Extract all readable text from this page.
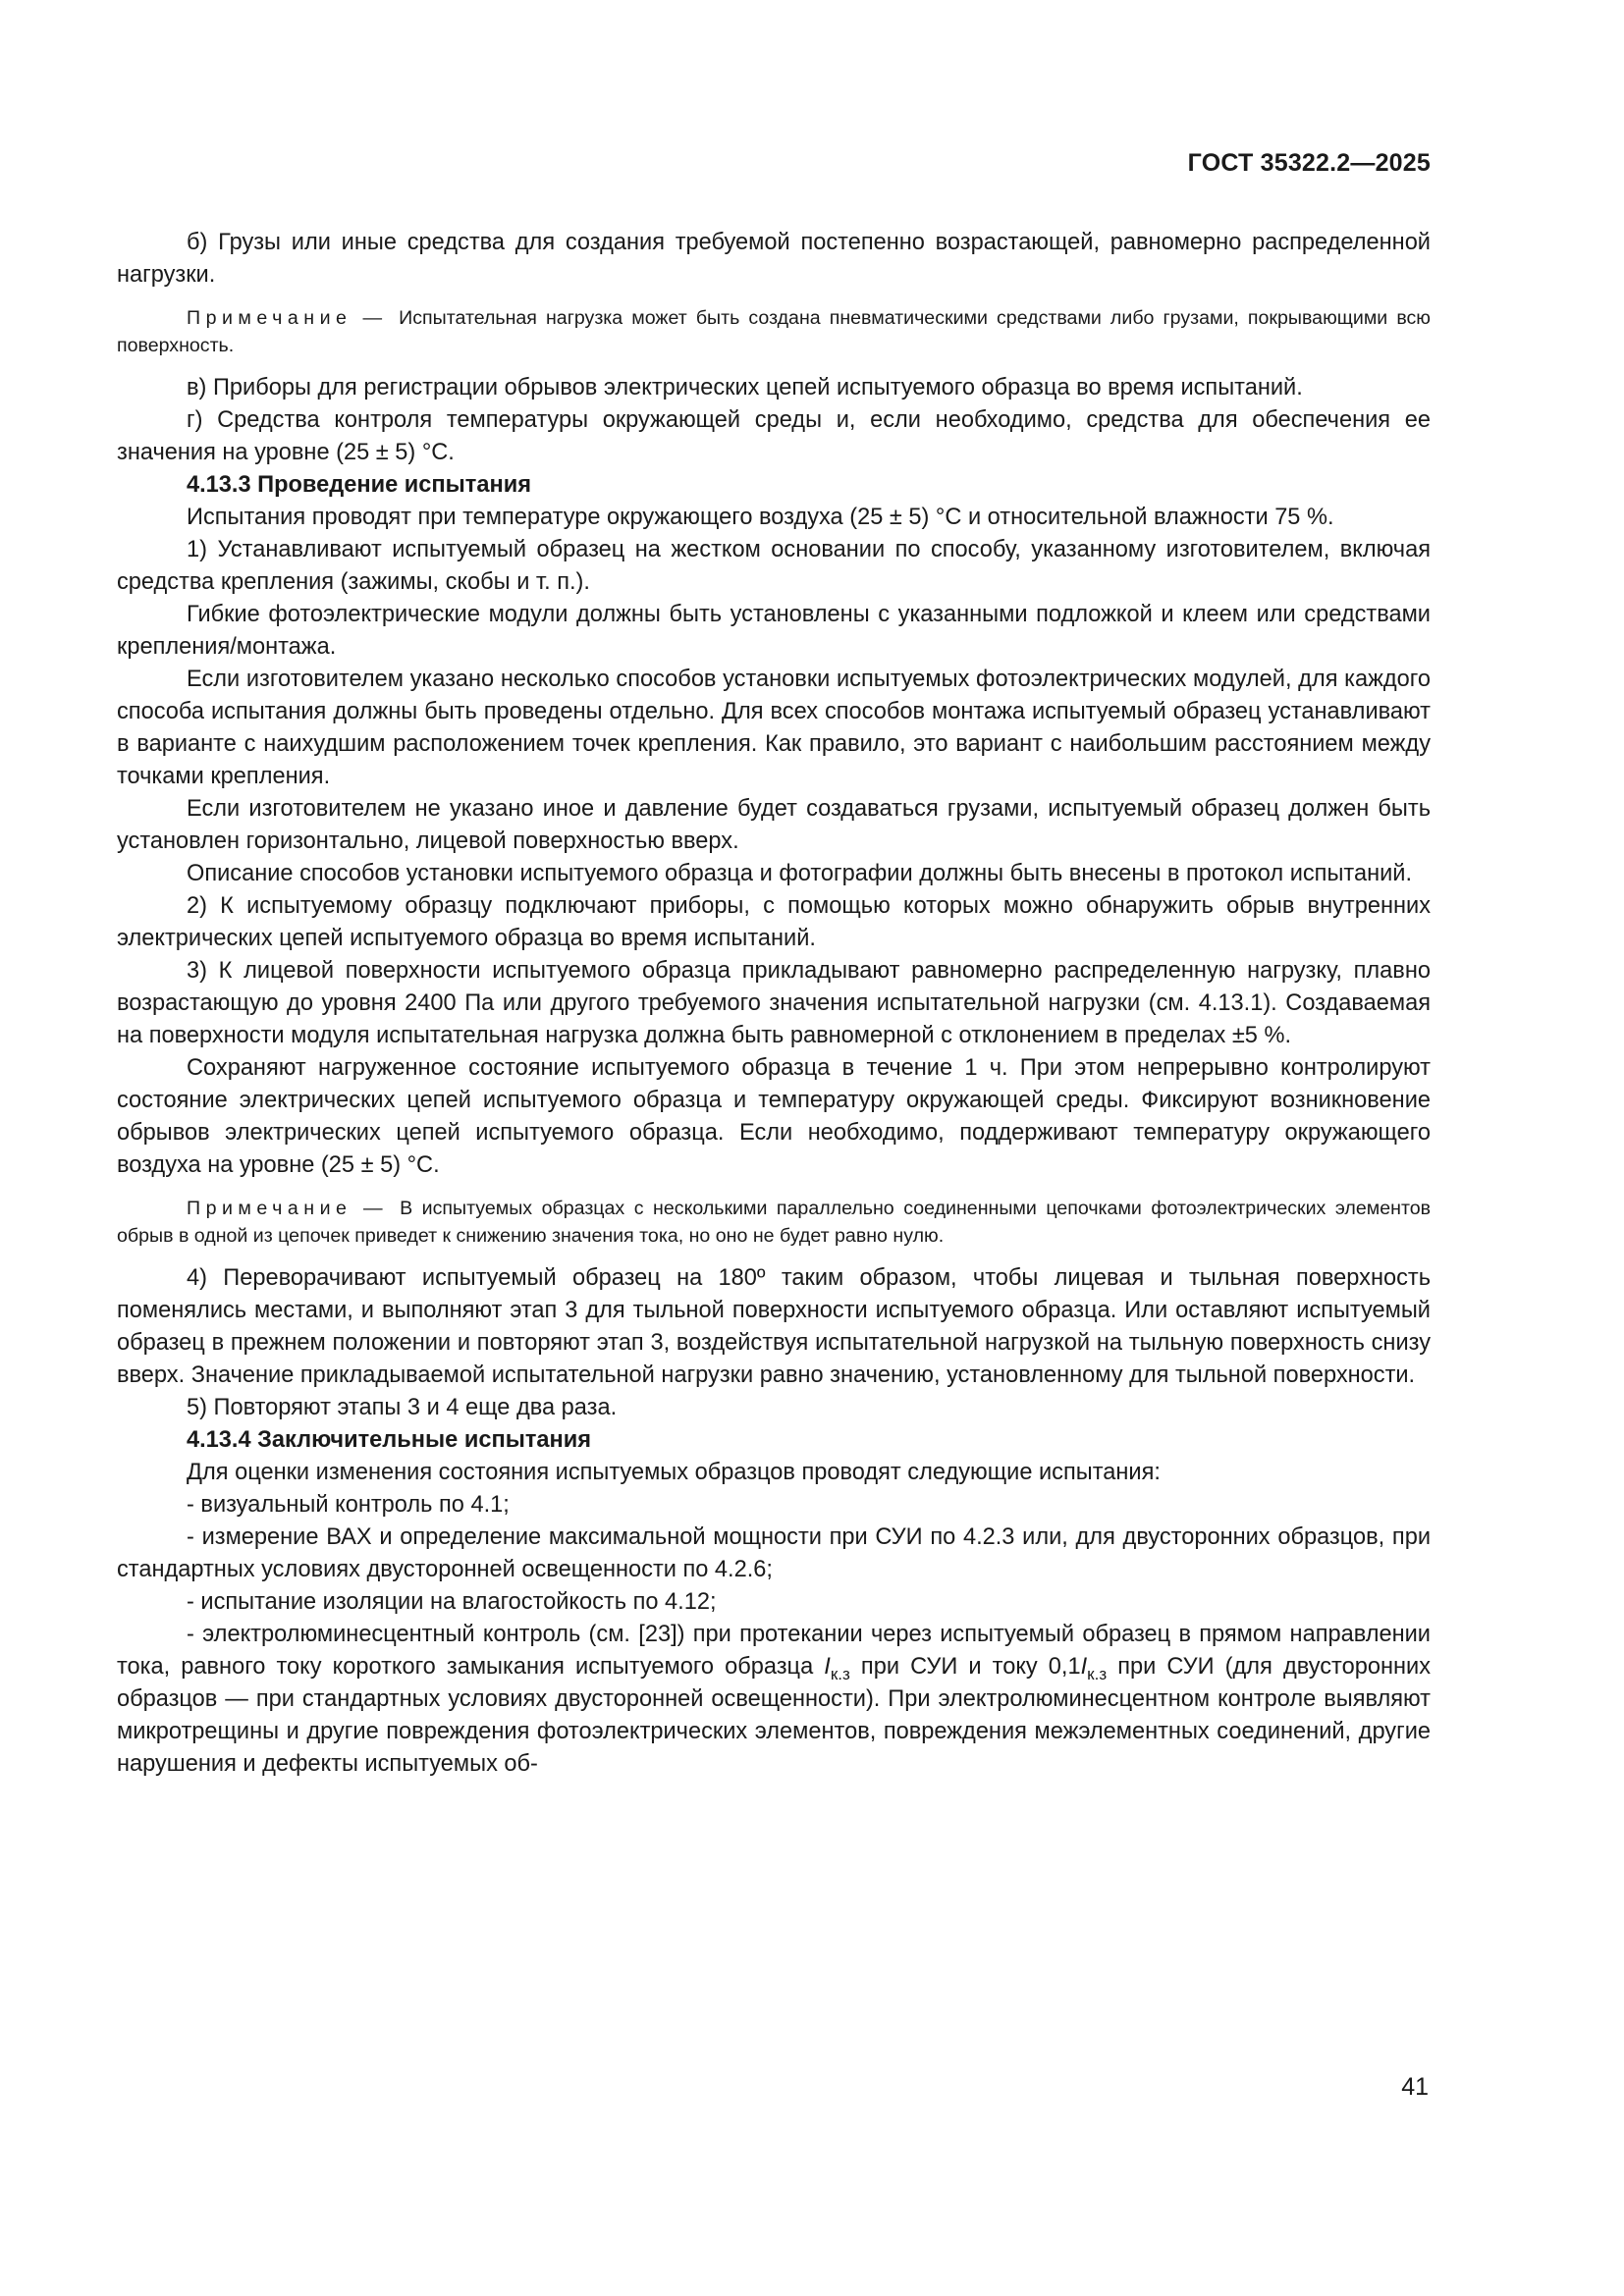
ГОСТ 35322.2—2025

б) Грузы или иные средства для создания требуемой постепенно возрастающей, равномерно распределенной нагрузки.

Примечание — Испытательная нагрузка может быть создана пневматическими средствами либо грузами, покрывающими всю поверхность.

в) Приборы для регистрации обрывов электрических цепей испытуемого образца во время испытаний.

г) Средства контроля температуры окружающей среды и, если необходимо, средства для обеспечения ее значения на уровне (25 ± 5) °С.

4.13.3 Проведение испытания

Испытания проводят при температуре окружающего воздуха (25 ± 5) °С и относительной влажности 75 %.

1) Устанавливают испытуемый образец на жестком основании по способу, указанному изготовителем, включая средства крепления (зажимы, скобы и т. п.).

Гибкие фотоэлектрические модули должны быть установлены с указанными подложкой и клеем или средствами крепления/монтажа.

Если изготовителем указано несколько способов установки испытуемых фотоэлектрических модулей, для каждого способа испытания должны быть проведены отдельно. Для всех способов монтажа испытуемый образец устанавливают в варианте с наихудшим расположением точек крепления. Как правило, это вариант с наибольшим расстоянием между точками крепления.

Если изготовителем не указано иное и давление будет создаваться грузами, испытуемый образец должен быть установлен горизонтально, лицевой поверхностью вверх.

Описание способов установки испытуемого образца и фотографии должны быть внесены в протокол испытаний.

2) К испытуемому образцу подключают приборы, с помощью которых можно обнаружить обрыв внутренних электрических цепей испытуемого образца во время испытаний.

3) К лицевой поверхности испытуемого образца прикладывают равномерно распределенную нагрузку, плавно возрастающую до уровня 2400 Па или другого требуемого значения испытательной нагрузки (см. 4.13.1). Создаваемая на поверхности модуля испытательная нагрузка должна быть равномерной с отклонением в пределах ±5 %.

Сохраняют нагруженное состояние испытуемого образца в течение 1 ч. При этом непрерывно контролируют состояние электрических цепей испытуемого образца и температуру окружающей среды. Фиксируют возникновение обрывов электрических цепей испытуемого образца. Если необходимо, поддерживают температуру окружающего воздуха на уровне (25 ± 5) °С.

Примечание — В испытуемых образцах с несколькими параллельно соединенными цепочками фотоэлектрических элементов обрыв в одной из цепочек приведет к снижению значения тока, но оно не будет равно нулю.

4) Переворачивают испытуемый образец на 180º таким образом, чтобы лицевая и тыльная поверхность поменялись местами, и выполняют этап 3 для тыльной поверхности испытуемого образца. Или оставляют испытуемый образец в прежнем положении и повторяют этап 3, воздействуя испытательной нагрузкой на тыльную поверхность снизу вверх. Значение прикладываемой испытательной нагрузки равно значению, установленному для тыльной поверхности.

5) Повторяют этапы 3 и 4 еще два раза.

4.13.4 Заключительные испытания

Для оценки изменения состояния испытуемых образцов проводят следующие испытания:

- визуальный контроль по 4.1;

- измерение ВАХ и определение максимальной мощности при СУИ по 4.2.3 или, для двусторонних образцов, при стандартных условиях двусторонней освещенности по 4.2.6;

- испытание изоляции на влагостойкость по 4.12;

- электролюминесцентный контроль (см. [23]) при протекании через испытуемый образец в прямом направлении тока, равного току короткого замыкания испытуемого образца $I_{к.з}$ при СУИ и току $0,1I_{к.з}$ при СУИ (для двусторонних образцов — при стандартных условиях двусторонней освещенности). При электролюминесцентном контроле выявляют микротрещины и другие повреждения фотоэлектрических элементов, повреждения межэлементных соединений, другие нарушения и дефекты испытуемых об-

41
